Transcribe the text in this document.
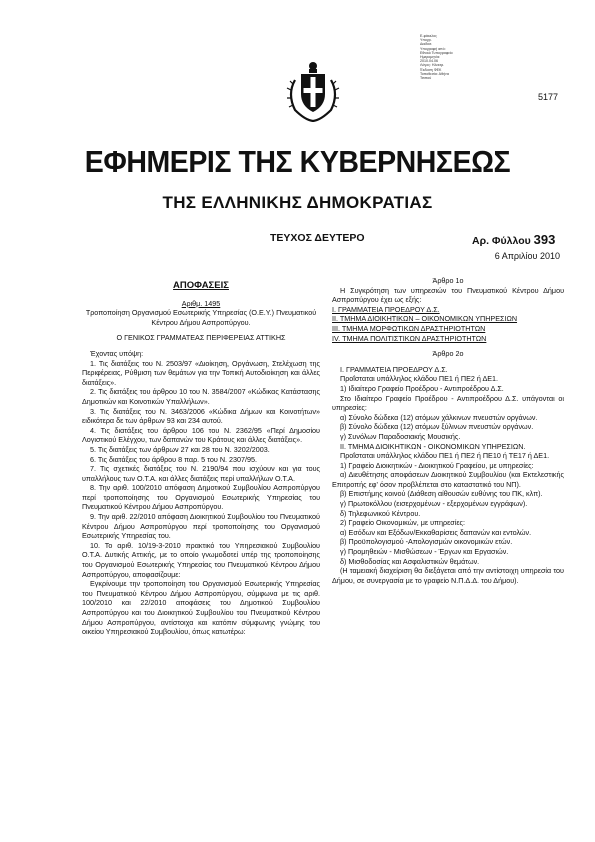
Ε-φάκελος
Υπογρ.
Διαδικτ.
Υπογραφή από:
Εθνικό Τυπογραφείο
Ημερομηνία:
2010.04.06
Λόγος: Ηλεκτρ.
Έκδοση ΦΕΚ
Τοποθεσία: Αθήνα
Τσιπού
5177
ΕΦΗΜΕΡΙΣ ΤΗΣ ΚΥΒΕΡΝΗΣΕΩΣ
ΤΗΣ ΕΛΛΗΝΙΚΗΣ ΔΗΜΟΚΡΑΤΙΑΣ
ΤΕΥΧΟΣ ΔΕΥΤΕΡΟ	Αρ. Φύλλου 393
6 Απριλίου 2010

ΑΠΟΦΑΣΕΙΣ

Αριθμ. 1495

Τροποποίηση Οργανισμού Εσωτερικής Υπηρεσίας (Ο.Ε.Υ.) Πνευματικού Κέντρου Δήμου Ασπροπύργου.

Ο ΓΕΝΙΚΟΣ ΓΡΑΜΜΑΤΕΑΣ ΠΕΡΙΦΕΡΕΙΑΣ ΑΤΤΙΚΗΣ

Έχοντας υπόψη:

1. Τις διατάξεις του Ν. 2503/97 «Διοίκηση, Οργάνωση, Στελέχωση της Περιφέρειας, Ρύθμιση των θεμάτων για την Τοπική Αυτοδιοίκηση και άλλες διατάξεις».

2. Τις διατάξεις του άρθρου 10 του Ν. 3584/2007 «Κώδικας Κατάστασης Δημοτικών και Κοινοτικών Υπαλλήλων».

3. Τις διατάξεις του Ν. 3463/2006 «Κώδικα Δήμων και Κοινοτήτων» ειδικότερα δε των άρθρων 93 και 234 αυτού.

4. Τις διατάξεις του άρθρου 106 του Ν. 2362/95 «Περί Δημοσίου Λογιστικού Ελέγχου, των δαπανών του Κράτους και άλλες διατάξεις».

5. Τις διατάξεις των άρθρων 27 και 28 του Ν. 3202/2003.

6. Τις διατάξεις του άρθρου 8 παρ. 5 του Ν. 2307/95.

7. Τις σχετικές διατάξεις του Ν. 2190/94 που ισχύουν και για τους υπαλλήλους των Ο.Τ.Α. και άλλες διατάξεις περί υπαλλήλων Ο.Τ.Α.

8. Την αριθ. 100/2010 απόφαση Δημοτικού Συμβουλίου Ασπροπύργου περί τροποποίησης του Οργανισμού Εσωτερικής Υπηρεσίας του Πνευματικού Κέντρου Δήμου Ασπροπύργου.

9. Την αριθ. 22/2010 απόφαση Διοικητικού Συμβουλίου του Πνευματικού Κέντρου Δήμου Ασπροπύργου περί τροποποίησης του Οργανισμού Εσωτερικής Υπηρεσίας του.

10. Το αριθ. 10/19-3-2010 πρακτικό του Υπηρεσιακού Συμβουλίου Ο.Τ.Α. Δυτικής Αττικής, με το οποίο γνωμοδοτεί υπέρ της τροποποίησης του Οργανισμού Εσωτερικής Υπηρεσίας του Πνευματικού Κέντρου Δήμου Ασπροπύργου, αποφασίζουμε:

Εγκρίνουμε την τροποποίηση του Οργανισμού Εσωτερικής Υπηρεσίας του Πνευματικού Κέντρου Δήμου Ασπροπύργου, σύμφωνα με τις αριθ. 100/2010 και 22/2010 αποφάσεις του Δημοτικού Συμβουλίου Ασπροπύργου και του Διοικητικού Συμβουλίου του Πνευματικού Κέντρου Δήμου Ασπροπύργου, αντίστοιχα και κατόπιν σύμφωνης γνώμης του οικείου Υπηρεσιακού Συμβουλίου, όπως κατωτέρω:

Άρθρο 1ο

Η Συγκρότηση των υπηρεσιών του Πνευματικού Κέντρου Δήμου Ασπροπύργου έχει ως εξής:

Ι. ΓΡΑΜΜΑΤΕΙΑ ΠΡΟΕΔΡΟΥ Δ.Σ.

ΙΙ. ΤΜΗΜΑ ΔΙΟΙΚΗΤΙΚΩΝ – ΟΙΚΟΝΟΜΙΚΩΝ ΥΠΗΡΕΣΙΩΝ

ΙΙΙ. ΤΜΗΜΑ ΜΟΡΦΩΤΙΚΩΝ ΔΡΑΣΤΗΡΙΟΤΗΤΩΝ

ΙV. ΤΜΗΜΑ ΠΟΛΙΤΙΣΤΙΚΩΝ ΔΡΑΣΤΗΡΙΟΤΗΤΩΝ

Άρθρο 2ο

Ι. ΓΡΑΜΜΑΤΕΙΑ ΠΡΟΕΔΡΟΥ Δ.Σ.

Προΐσταται υπάλληλος κλάδου ΠΕ1 ή ΠΕ2 ή ΔΕ1.

1) Ιδιαίτερο Γραφείο Προέδρου - Αντιπροέδρου Δ.Σ.

Στο Ιδιαίτερο Γραφείο Προέδρου - Αντιπροέδρου Δ.Σ. υπάγονται οι υπηρεσίες:

α) Σύνολο δώδεκα (12) ατόμων χάλκινων πνευστών οργάνων.

β) Σύνολο δώδεκα (12) ατόμων ξύλινων πνευστών οργάνων.

γ) Συνόλων Παραδοσιακής Μουσικής.

ΙΙ. ΤΜΗΜΑ ΔΙΟΙΚΗΤΙΚΩΝ - ΟΙΚΟΝΟΜΙΚΩΝ ΥΠΗΡΕΣΙΩΝ.

Προΐσταται υπάλληλος κλάδου ΠΕ1 ή ΠΕ2 ή ΠΕ10 ή ΤΕ17 ή ΔΕ1.

1) Γραφείο Διοικητικών - Διοικητικού Γραφείου, με υπηρεσίες:

α) Διευθέτησης αποφάσεων Διοικητικού Συμβουλίου (και Εκτελεστικής Επιτροπής εφ' όσον προβλέπεται στο καταστατικό του ΝΠ).

β) Επιστήμης κοινού (Διάθεση αίθουσών ευθύνης του ΠΚ, κλπ).

γ) Πρωτοκόλλου (εισερχομένων - εξερχομένων εγγράφων).

δ) Τηλεφωνικού Κέντρου.

2) Γραφείο Οικονομικών, με υπηρεσίες:

α) Εσόδων και Εξόδων/Εκκαθαρίσεις δαπανών και εντολών.

β) Προϋπολογισμού -Απολογισμών οικονομικών ετών.

γ) Προμηθειών - Μισθώσεων - Έργων και Εργασιών.

δ) Μισθοδοσίας και Ασφαλιστικών θεμάτων.

(Η ταμειακή διαχείριση θα διεξάγεται από την αντίστοιχη υπηρεσία του Δήμου, σε συνεργασία με το γραφείο Ν.Π.Δ.Δ. του Δήμου).
